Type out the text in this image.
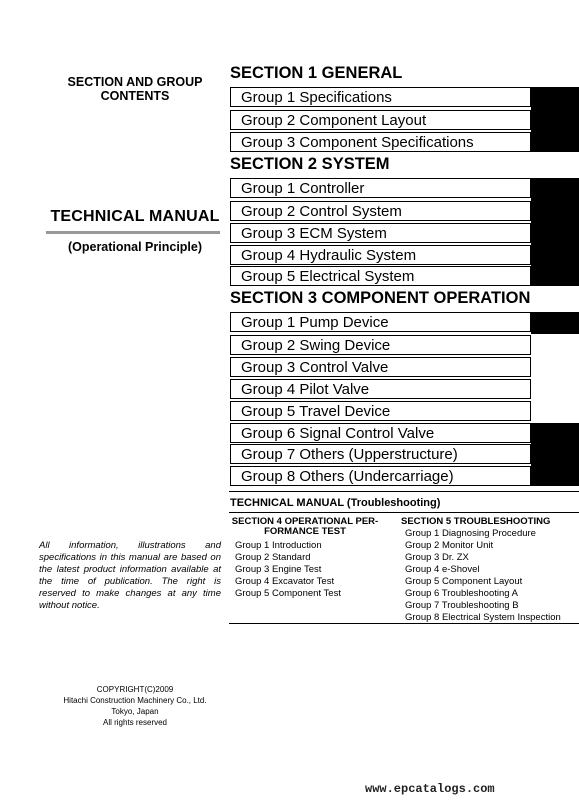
SECTION AND GROUP
CONTENTS
TECHNICAL MANUAL
(Operational Principle)
All information, illustrations and specifications in this manual are based on the latest product information available at the time of publication. The right is reserved to make changes at any time without notice.
COPYRIGHT(C)2009
Hitachi Construction Machinery Co., Ltd.
Tokyo, Japan
All rights reserved
SECTION 1 GENERAL
Group 1 Specifications
Group 2 Component Layout
Group 3 Component Specifications
SECTION 2 SYSTEM
Group 1 Controller
Group 2 Control System
Group 3 ECM System
Group 4 Hydraulic System
Group 5 Electrical System
SECTION 3 COMPONENT OPERATION
Group 1 Pump Device
Group 2 Swing Device
Group 3 Control Valve
Group 4 Pilot Valve
Group 5 Travel Device
Group 6 Signal Control Valve
Group 7 Others (Upperstructure)
Group 8 Others (Undercarriage)
TECHNICAL MANUAL (Troubleshooting)
SECTION 4 OPERATIONAL PER-
FORMANCE TEST
Group 1 Introduction
Group 2 Standard
Group 3 Engine Test
Group 4 Excavator Test
Group 5 Component Test
SECTION 5 TROUBLESHOOTING
Group 1 Diagnosing Procedure
Group 2 Monitor Unit
Group 3 Dr. ZX
Group 4 e-Shovel
Group 5 Component Layout
Group 6 Troubleshooting A
Group 7 Troubleshooting B
Group 8 Electrical System Inspection
www.epcatalogs.com
